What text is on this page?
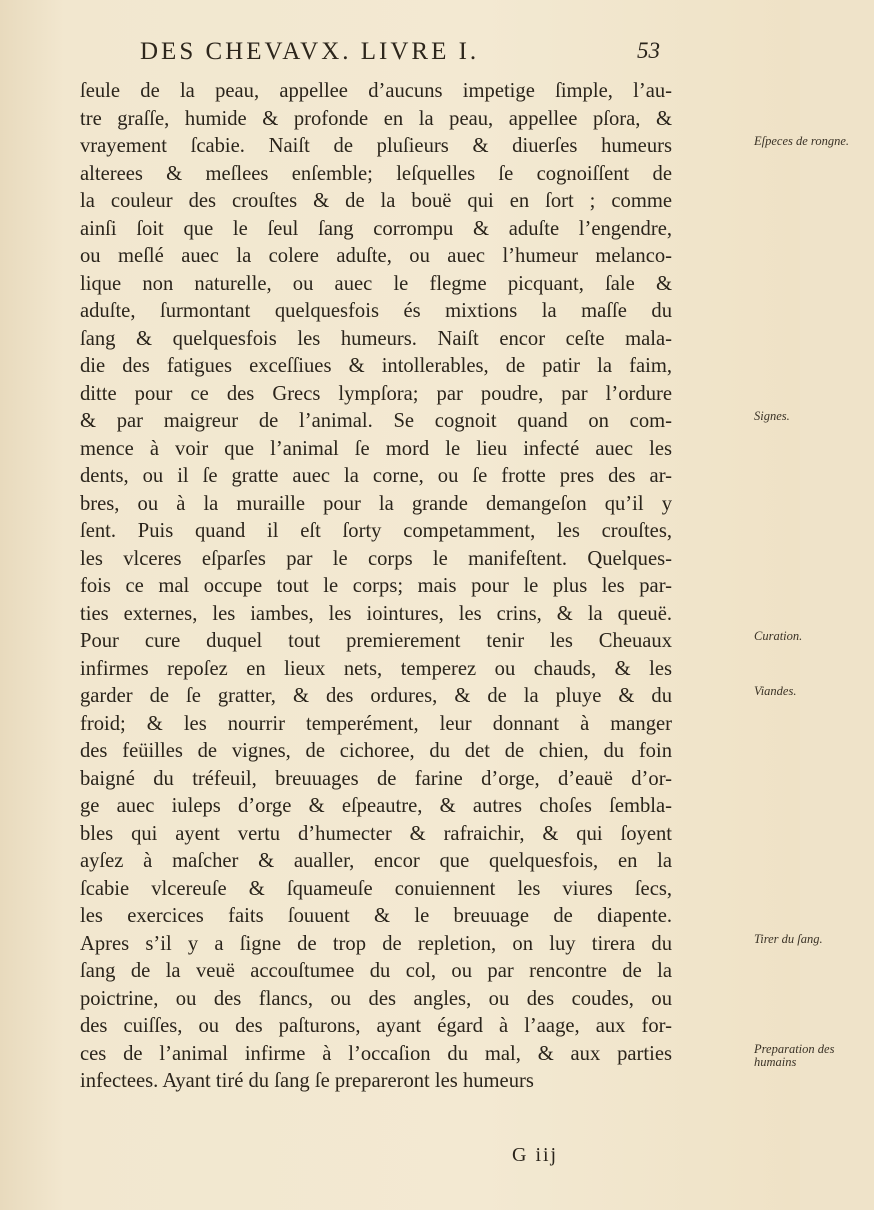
DES CHEVAVX. LIVRE I.	53
ſeule de la peau, appellee d’aucuns impetige ſimple, l’au-
tre graſſe, humide & profonde en la peau, appellee pſora, &
vrayement ſcabie. Naiſt de pluſieurs & diuerſes humeurs
alterees & meſlees enſemble; leſquelles ſe cognoiſſent de
la couleur des crouſtes & de la bouë qui en ſort ; comme
ainſi ſoit que le ſeul ſang corrompu & aduſte l’engendre,
ou meſlé auec la colere aduſte, ou auec l’humeur melanco-
lique non naturelle, ou auec le flegme picquant, ſale &
aduſte, ſurmontant quelquesfois és mixtions la maſſe du
ſang & quelquesfois les humeurs. Naiſt encor ceſte mala-
die des fatigues exceſſiues & intollerables, de patir la faim,
ditte pour ce des Grecs lympſora; par poudre, par l’ordure
& par maigreur de l’animal. Se cognoit quand on com-
mence à voir que l’animal ſe mord le lieu infecté auec les
dents, ou il ſe gratte auec la corne, ou ſe frotte pres des ar-
bres, ou à la muraille pour la grande demangeſon qu’il y
ſent. Puis quand il eſt ſorty competamment, les crouſtes,
les vlceres eſparſes par le corps le manifeſtent. Quelques-
fois ce mal occupe tout le corps; mais pour le plus les par-
ties externes, les iambes, les iointures, les crins, & la queuë.
Pour cure duquel tout premierement tenir les Cheuaux
infirmes repoſez en lieux nets, temperez ou chauds, & les
garder de ſe gratter, & des ordures, & de la pluye & du
froid; & les nourrir temperément, leur donnant à manger
des feüilles de vignes, de cichoree, du det de chien, du foin
baigné du tréfeuil, breuuages de farine d’orge, d’eauë d’or-
ge auec iuleps d’orge & eſpeautre, & autres choſes ſembla-
bles qui ayent vertu d’humecter & rafraichir, & qui ſoyent
ayſez à maſcher & aualler, encor que quelquesfois, en la
ſcabie vlcereuſe & ſquameuſe conuiennent les viures ſecs,
les exercices faits ſouuent & le breuuage de diapente.
Apres s’il y a ſigne de trop de repletion, on luy tirera du
ſang de la veuë accouſtumee du col, ou par rencontre de la
poictrine, ou des flancs, ou des angles, ou des coudes, ou
des cuiſſes, ou des paſturons, ayant égard à l’aage, aux for-
ces de l’animal infirme à l’occaſion du mal, & aux parties
infectees. Ayant tiré du ſang ſe prepareront les humeurs
Eſpeces de rongne.
Signes.
Curation.
Viandes.
Tirer du ſang.
Preparation des humains
G iij
